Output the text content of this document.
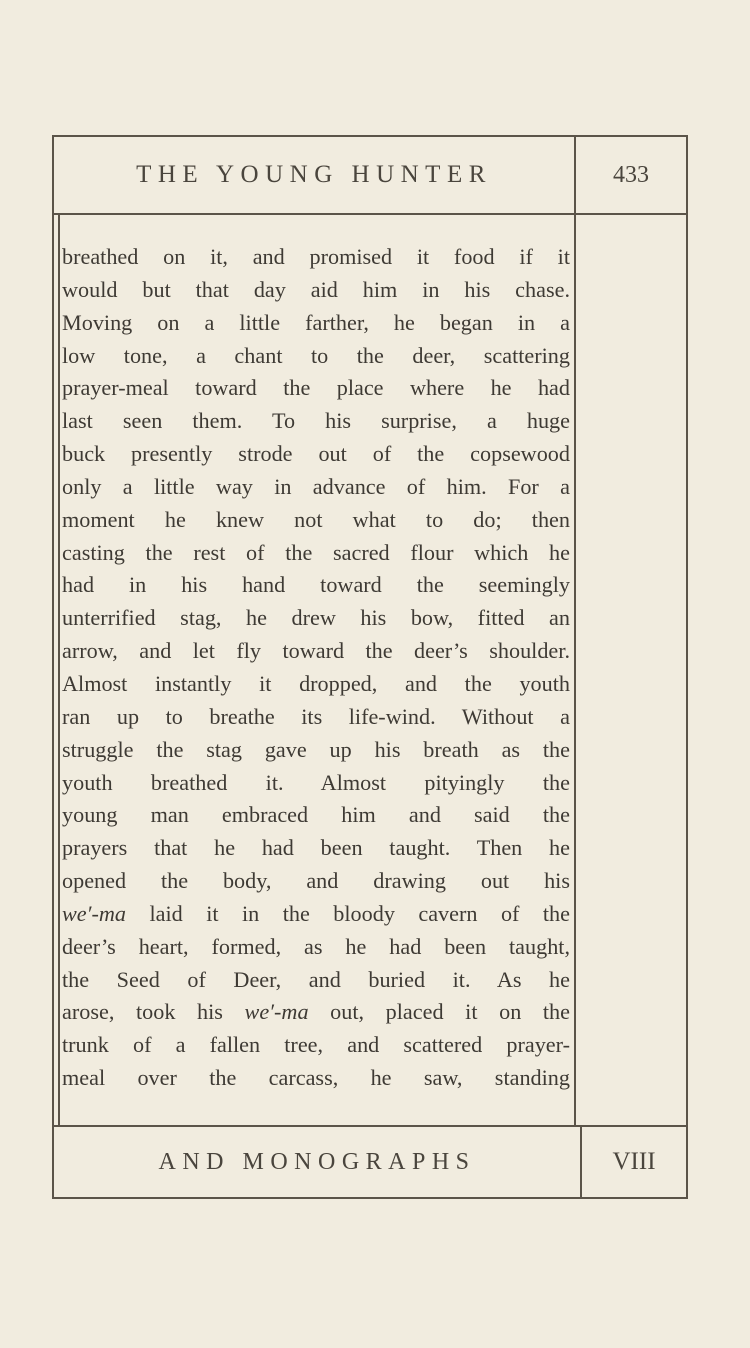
THE YOUNG HUNTER	433
breathed on it, and promised it food if it
would but that day aid him in his chase.
Moving on a little farther, he began in a
low tone, a chant to the deer, scattering
prayer-meal toward the place where he had
last seen them. To his surprise, a huge
buck presently strode out of the copsewood
only a little way in advance of him. For a
moment he knew not what to do; then
casting the rest of the sacred flour which he
had in his hand toward the seemingly
unterrified stag, he drew his bow, fitted an
arrow, and let fly toward the deer’s shoulder.
Almost instantly it dropped, and the youth
ran up to breathe its life-wind. Without a
struggle the stag gave up his breath as the
youth breathed it. Almost pityingly the
young man embraced him and said the
prayers that he had been taught. Then he
opened the body, and drawing out his
we′-ma laid it in the bloody cavern of the
deer’s heart, formed, as he had been taught,
the Seed of Deer, and buried it. As he
arose, took his we′-ma out, placed it on the
trunk of a fallen tree, and scattered prayer-
meal over the carcass, he saw, standing
AND MONOGRAPHS	VIII
